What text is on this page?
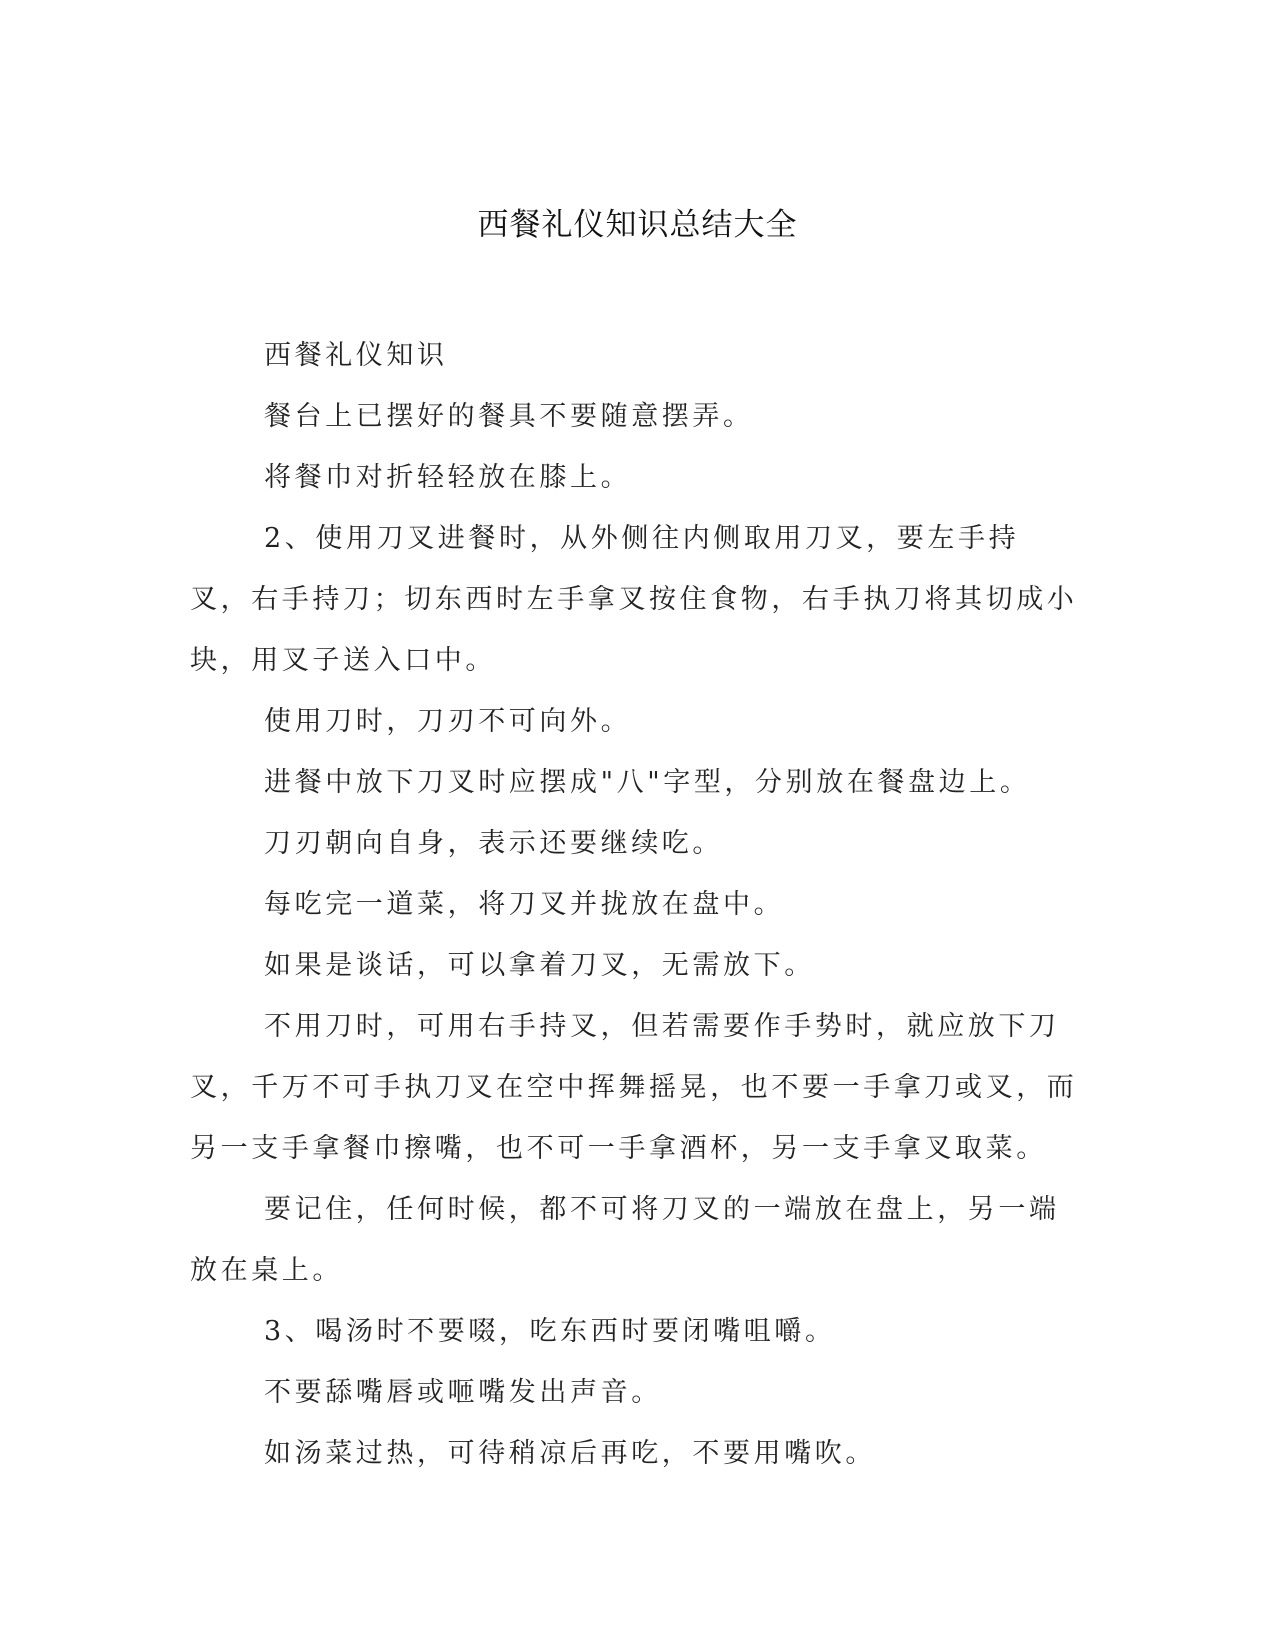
西餐礼仪知识总结大全

西餐礼仪知识

餐台上已摆好的餐具不要随意摆弄。

将餐巾对折轻轻放在膝上。

2、使用刀叉进餐时，从外侧往内侧取用刀叉，要左手持叉，右手持刀；切东西时左手拿叉按住食物，右手执刀将其切成小块，用叉子送入口中。

使用刀时，刀刃不可向外。

进餐中放下刀叉时应摆成"八"字型，分别放在餐盘边上。

刀刃朝向自身，表示还要继续吃。

每吃完一道菜，将刀叉并拢放在盘中。

如果是谈话，可以拿着刀叉，无需放下。

不用刀时，可用右手持叉，但若需要作手势时，就应放下刀叉，千万不可手执刀叉在空中挥舞摇晃，也不要一手拿刀或叉，而另一支手拿餐巾擦嘴，也不可一手拿酒杯，另一支手拿叉取菜。

要记住，任何时候，都不可将刀叉的一端放在盘上，另一端放在桌上。

3、喝汤时不要啜，吃东西时要闭嘴咀嚼。

不要舔嘴唇或咂嘴发出声音。

如汤菜过热，可待稍凉后再吃，不要用嘴吹。
